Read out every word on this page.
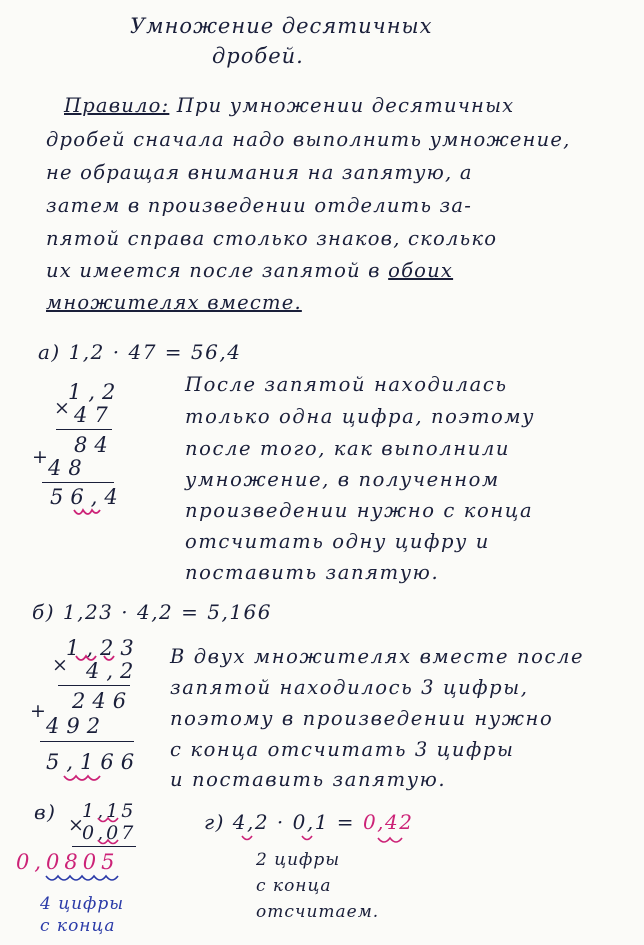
Умножение десятичных
дробей.
Правило: При умножении десятичных
дробей сначала надо выполнить умножение,
не обращая внимания на запятую, а
затем в произведении отделить за-
пятой справа столько знаков, сколько
их имеется после запятой в обоих
множителях вместе.
а) 1,2 · 47 = 56,4
×
1,2
47
+ 84
48
56,4
После запятой находилась
только одна цифра, поэтому
после того, как выполнили
умножение, в полученном
произведении нужно с конца
отсчитать одну цифру и
поставить запятую.
б) 1,23 · 4,2 = 5,166
×
1,23
4,2
+ 246
492
5,166
В двух множителях вместе после
запятой находилось 3 цифры,
поэтому в произведении нужно
с конца отсчитать 3 цифры
и поставить запятую.
в)
×
1,15
0,07
0,0805
4 цифры
с конца
г) 4,2 · 0,1 = 0,42
2 цифры
с конца
отсчитаем.
